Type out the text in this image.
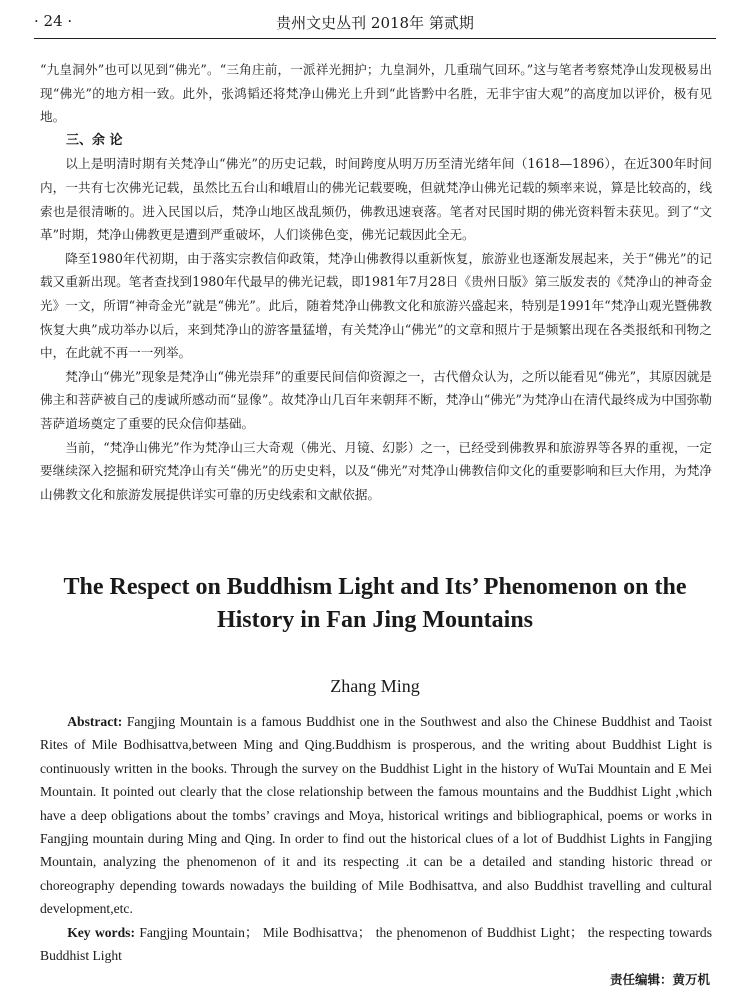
· 24 ·	贵州文史丛刊 2018年 第贰期

“九皇洞外”也可以见到“佛光”。“三角庄前，一派祥光拥护；九皇洞外，几重瑞气回环。”这与笔者考察梵净山发现极易出现“佛光”的地方相一致。此外，张鸿韬还将梵净山佛光上升到“此皆黔中名胜，无非宇宙大观”的高度加以评价，极有见地。

三、余 论

以上是明清时期有关梵净山“佛光”的历史记载，时间跨度从明万历至清光绪年间（1618—1896），在近300年时间内，一共有七次佛光记载，虽然比五台山和峨眉山的佛光记载要晚，但就梵净山佛光记载的频率来说，算是比较高的，线索也是很清晰的。进入民国以后，梵净山地区战乱频仍，佛教迅速衰落。笔者对民国时期的佛光资料暂未获见。到了“文革”时期，梵净山佛教更是遭到严重破坏，人们谈佛色变，佛光记载因此全无。

降至1980年代初期，由于落实宗教信仰政策，梵净山佛教得以重新恢复，旅游业也逐渐发展起来，关于“佛光”的记载又重新出现。笔者查找到1980年代最早的佛光记载，即1981年7月28日《贵州日版》第三版发表的《梵净山的神奇金光》一文，所谓“神奇金光”就是“佛光”。此后，随着梵净山佛教文化和旅游兴盛起来，特别是1991年“梵净山观光暨佛教恢复大典”成功举办以后，来到梵净山的游客量猛增，有关梵净山“佛光”的文章和照片于是频繁出现在各类报纸和刊物之中，在此就不再一一列举。

梵净山“佛光”现象是梵净山“佛光崇拜”的重要民间信仰资源之一，古代僧众认为，之所以能看见“佛光”，其原因就是佛主和菩萨被自己的虔诚所感动而“显像”。故梵净山几百年来朝拜不断，梵净山“佛光”为梵净山在清代最终成为中国弥勒菩萨道场奠定了重要的民众信仰基础。

当前，“梵净山佛光”作为梵净山三大奇观（佛光、月镜、幻影）之一，已经受到佛教界和旅游界等各界的重视，一定要继续深入挖掘和研究梵净山有关“佛光”的历史史料，以及“佛光”对梵净山佛教信仰文化的重要影响和巨大作用，为梵净山佛教文化和旅游发展提供详实可靠的历史线索和文献依据。

The Respect on Buddhism Light and Its’ Phenomenon on the
History in Fan Jing Mountains
Zhang Ming

Abstract: Fangjing Mountain is a famous Buddhist one in the Southwest and also the Chinese Buddhist and Taoist Rites of Mile Bodhisattva,between Ming and Qing.Buddhism is prosperous, and the writing about Buddhist Light is continuously written in the books. Through the survey on the Buddhist Light in the history of WuTai Mountain and E Mei Mountain. It pointed out clearly that the close relationship between the famous mountains and the Buddhist Light ,which have a deep obligations about the tombs’ cravings and Moya, historical writings and bibliographical, poems or works in Fangjing mountain during Ming and Qing. In order to find out the historical clues of a lot of Buddhist Lights in Fangjing Mountain, analyzing the phenomenon of it and its respecting .it can be a detailed and standing historic thread or choreography depending towards nowadays the building of Mile Bodhisattva, and also Buddhist travelling and cultural development,etc.

Key words: Fangjing Mountain； Mile Bodhisattva； the phenomenon of Buddhist Light； the respecting towards Buddhist Light

责任编辑：黄万机
